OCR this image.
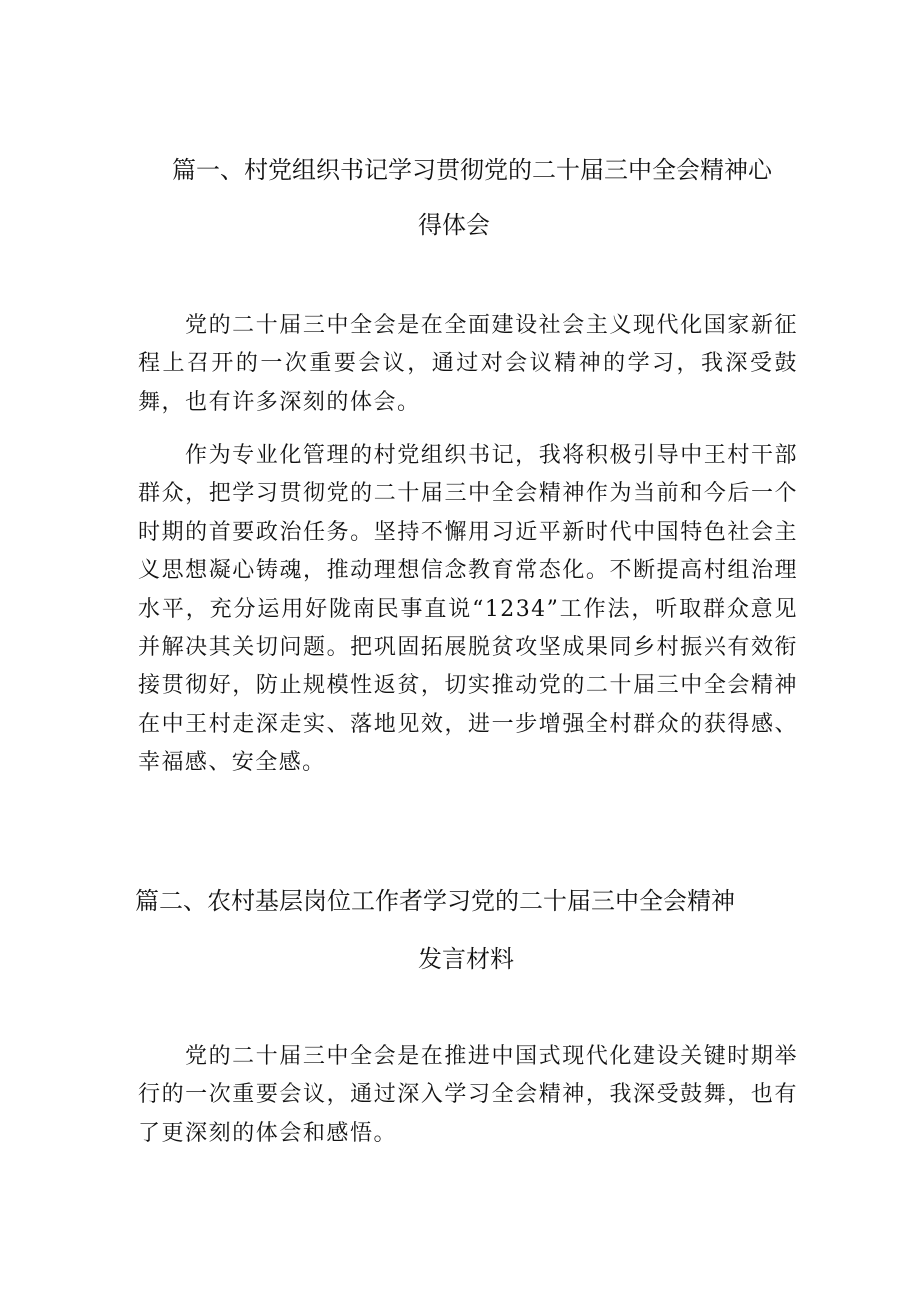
篇一、村党组织书记学习贯彻党的二十届三中全会精神心
得体会

党的二十届三中全会是在全面建设社会主义现代化国家新征程上召开的一次重要会议，通过对会议精神的学习，我深受鼓舞，也有许多深刻的体会。

作为专业化管理的村党组织书记，我将积极引导中王村干部群众，把学习贯彻党的二十届三中全会精神作为当前和今后一个时期的首要政治任务。坚持不懈用习近平新时代中国特色社会主义思想凝心铸魂，推动理想信念教育常态化。不断提高村组治理水平，充分运用好陇南民事直说“1234”工作法，听取群众意见并解决其关切问题。把巩固拓展脱贫攻坚成果同乡村振兴有效衔接贯彻好，防止规模性返贫，切实推动党的二十届三中全会精神在中王村走深走实、落地见效，进一步增强全村群众的获得感、幸福感、安全感。

篇二、农村基层岗位工作者学习党的二十届三中全会精神
发言材料

党的二十届三中全会是在推进中国式现代化建设关键时期举行的一次重要会议，通过深入学习全会精神，我深受鼓舞，也有了更深刻的体会和感悟。
